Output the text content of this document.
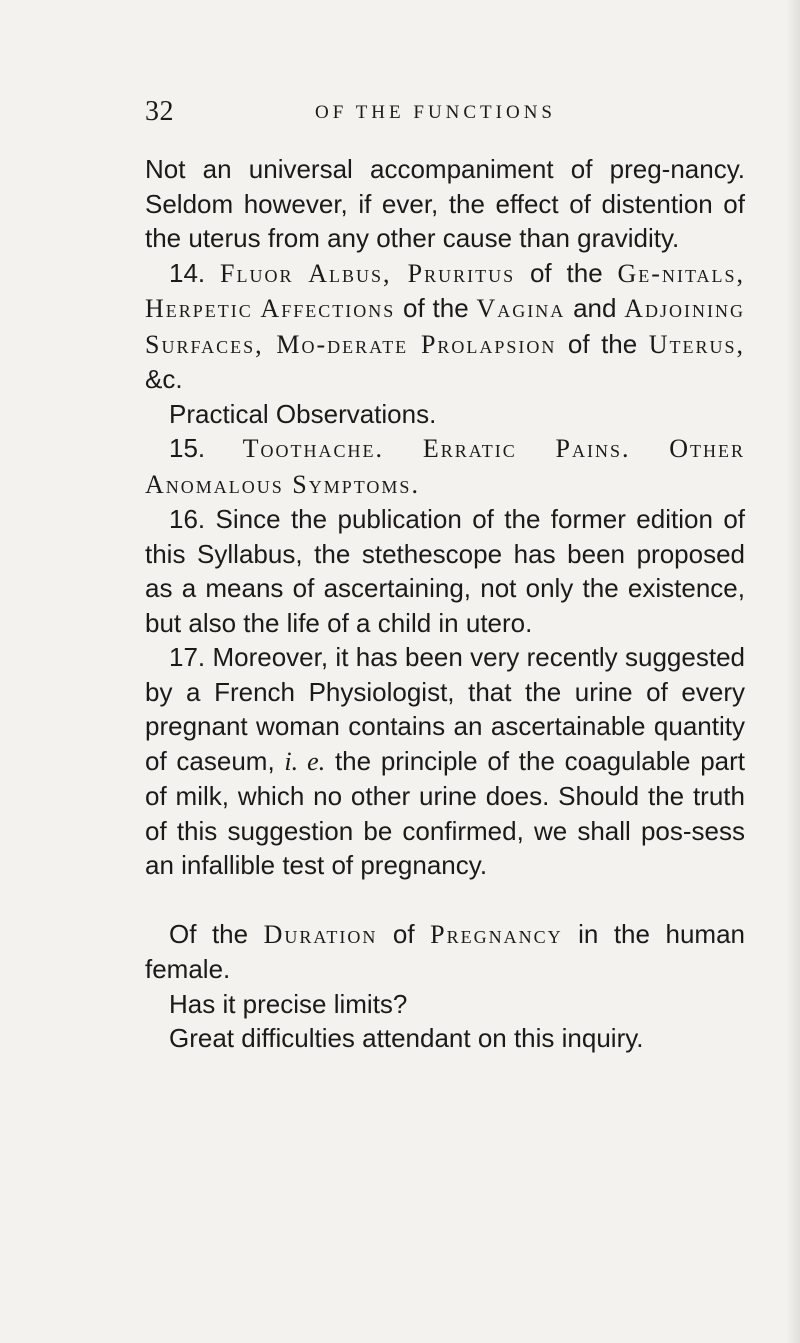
32	OF THE FUNCTIONS

Not an universal accompaniment of preg-nancy. Seldom however, if ever, the effect of distention of the uterus from any other cause than gravidity.

14. Fluor Albus, Pruritus of the Ge-nitals, Herpetic Affections of the Vagina and Adjoining Surfaces, Mo-derate Prolapsion of the Uterus, &c.

Practical Observations.

15. Toothache. Erratic Pains. Other Anomalous Symptoms.

16. Since the publication of the former edition of this Syllabus, the stethescope has been proposed as a means of ascertaining, not only the existence, but also the life of a child in utero.

17. Moreover, it has been very recently suggested by a French Physiologist, that the urine of every pregnant woman contains an ascertainable quantity of caseum, i. e. the principle of the coagulable part of milk, which no other urine does. Should the truth of this suggestion be confirmed, we shall pos-sess an infallible test of pregnancy.

Of the Duration of Pregnancy in the human female.

Has it precise limits?

Great difficulties attendant on this inquiry.
